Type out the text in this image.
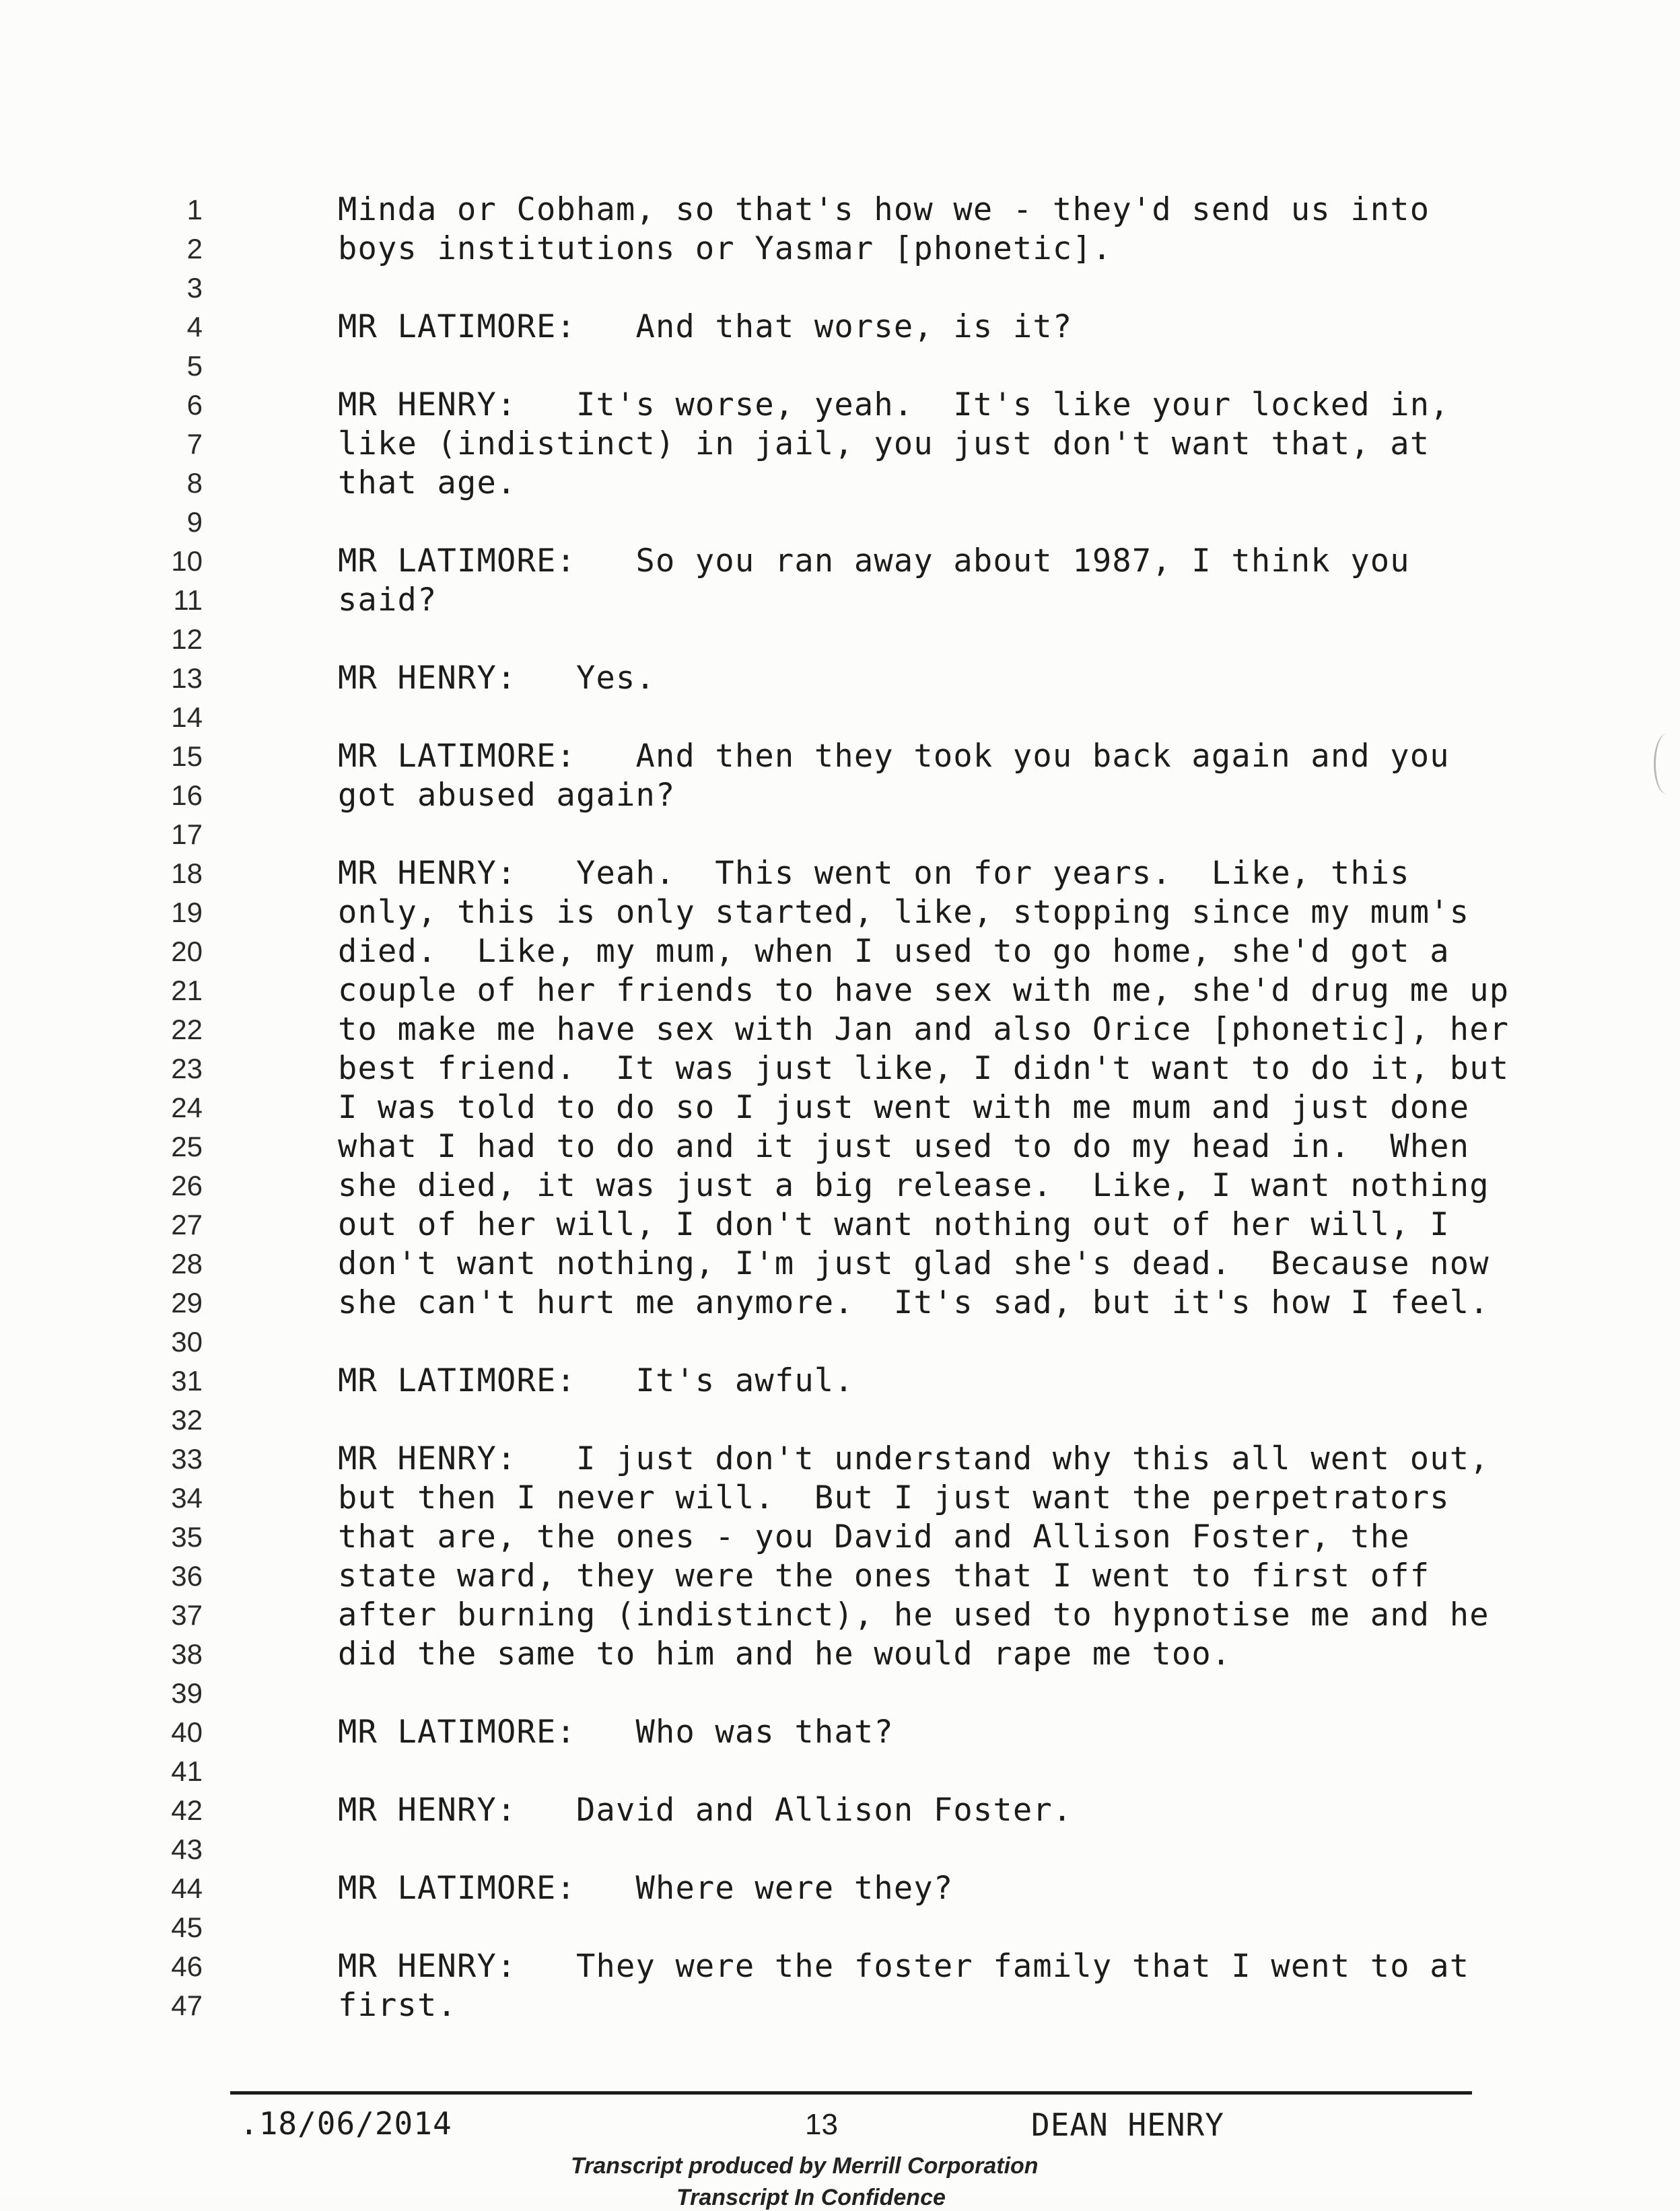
1	Minda or Cobham, so that's how we - they'd send us into
2	boys institutions or Yasmar [phonetic].
3
4	MR LATIMORE:   And that worse, is it?
5
6	MR HENRY:   It's worse, yeah.  It's like your locked in,
7	like (indistinct) in jail, you just don't want that, at
8	that age.
9
10	MR LATIMORE:   So you ran away about 1987, I think you
11	said?
12
13	MR HENRY:   Yes.
14
15	MR LATIMORE:   And then they took you back again and you
16	got abused again?
17
18	MR HENRY:   Yeah.  This went on for years.  Like, this
19	only, this is only started, like, stopping since my mum's
20	died.  Like, my mum, when I used to go home, she'd got a
21	couple of her friends to have sex with me, she'd drug me up
22	to make me have sex with Jan and also Orice [phonetic], her
23	best friend.  It was just like, I didn't want to do it, but
24	I was told to do so I just went with me mum and just done
25	what I had to do and it just used to do my head in.  When
26	she died, it was just a big release.  Like, I want nothing
27	out of her will, I don't want nothing out of her will, I
28	don't want nothing, I'm just glad she's dead.  Because now
29	she can't hurt me anymore.  It's sad, but it's how I feel.
30
31	MR LATIMORE:   It's awful.
32
33	MR HENRY:   I just don't understand why this all went out,
34	but then I never will.  But I just want the perpetrators
35	that are, the ones - you David and Allison Foster, the
36	state ward, they were the ones that I went to first off
37	after burning (indistinct), he used to hypnotise me and he
38	did the same to him and he would rape me too.
39
40	MR LATIMORE:   Who was that?
41
42	MR HENRY:   David and Allison Foster.
43
44	MR LATIMORE:   Where were they?
45
46	MR HENRY:   They were the foster family that I went to at
47	first.
.18/06/2014	13	DEAN HENRY
Transcript produced by Merrill Corporation
Transcript In Confidence
